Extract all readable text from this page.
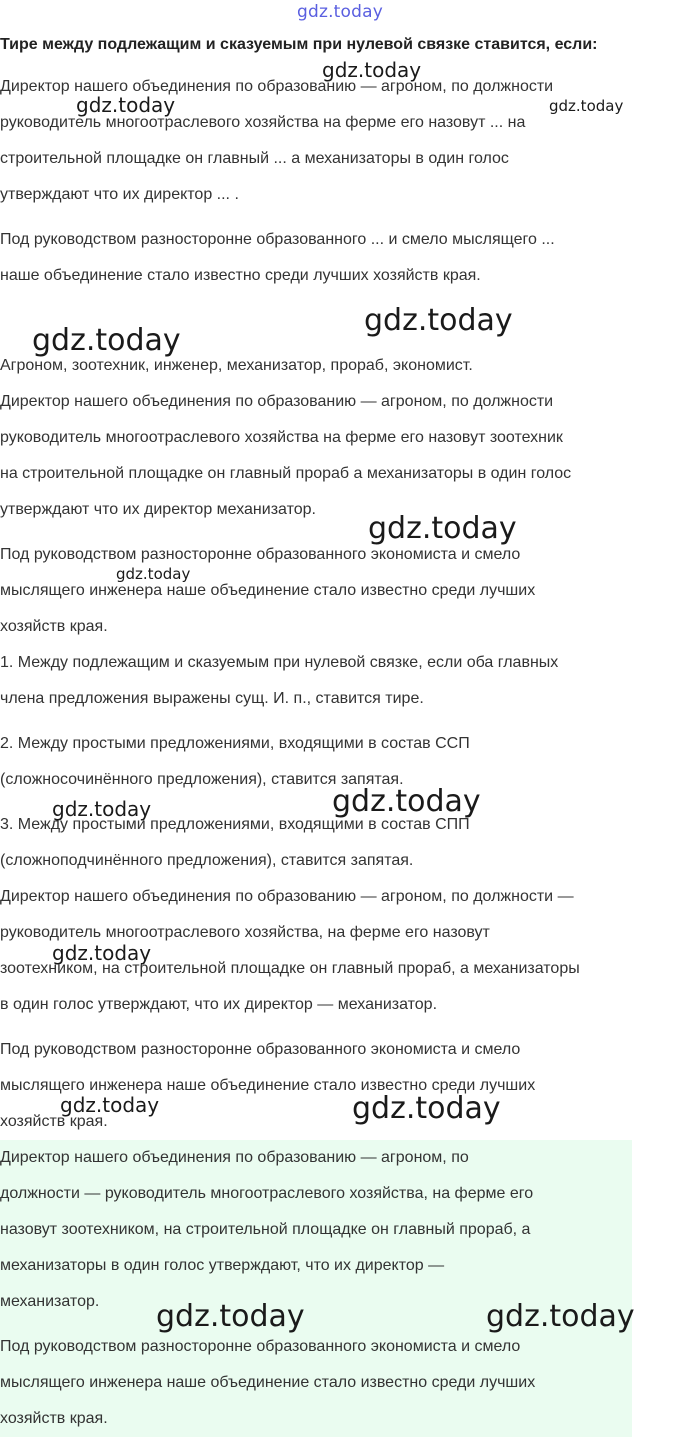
gdz.today
Тире между подлежащим и сказуемым при нулевой связке ставится, если:
Директор нашего объединения по образованию — агроном, по должности
руководитель многоотраслевого хозяйства на ферме его назовут ... на
строительной площадке он главный ... а механизаторы в один голос
утверждают что их директор ... .
Под руководством разносторонне образованного ... и смело мыслящего ...
наше объединение стало известно среди лучших хозяйств края.
Агроном, зоотехник, инженер, механизатор, прораб, экономист.
Директор нашего объединения по образованию — агроном, по должности
руководитель многоотраслевого хозяйства на ферме его назовут зоотехник
на строительной площадке он главный прораб а механизаторы в один голос
утверждают что их директор механизатор.
Под руководством разносторонне образованного экономиста и смело
мыслящего инженера наше объединение стало известно среди лучших
хозяйств края.
1. Между подлежащим и сказуемым при нулевой связке, если оба главных
члена предложения выражены сущ. И. п., ставится тире.
2. Между простыми предложениями, входящими в состав ССП
(сложносочинённого предложения), ставится запятая.
3. Между простыми предложениями, входящими в состав СПП
(сложноподчинённого предложения), ставится запятая.
Директор нашего объединения по образованию — агроном, по должности —
руководитель многоотраслевого хозяйства, на ферме его назовут
зоотехником, на строительной площадке он главный прораб, а механизаторы
в один голос утверждают, что их директор — механизатор.
Под руководством разносторонне образованного экономиста и смело
мыслящего инженера наше объединение стало известно среди лучших
хозяйств края.
Директор нашего объединения по образованию — агроном, по
должности — руководитель многоотраслевого хозяйства, на ферме его
назовут зоотехником, на строительной площадке он главный прораб, а
механизаторы в один голос утверждают, что их директор —
механизатор.
Под руководством разносторонне образованного экономиста и смело
мыслящего инженера наше объединение стало известно среди лучших
хозяйств края.
gdz.today
gdz.today	gdz.today
gdz.today
gdz.today
gdz.today
gdz.today
gdz.today	gdz.today
gdz.today
gdz.today	gdz.today
gdz.today	gdz.today
